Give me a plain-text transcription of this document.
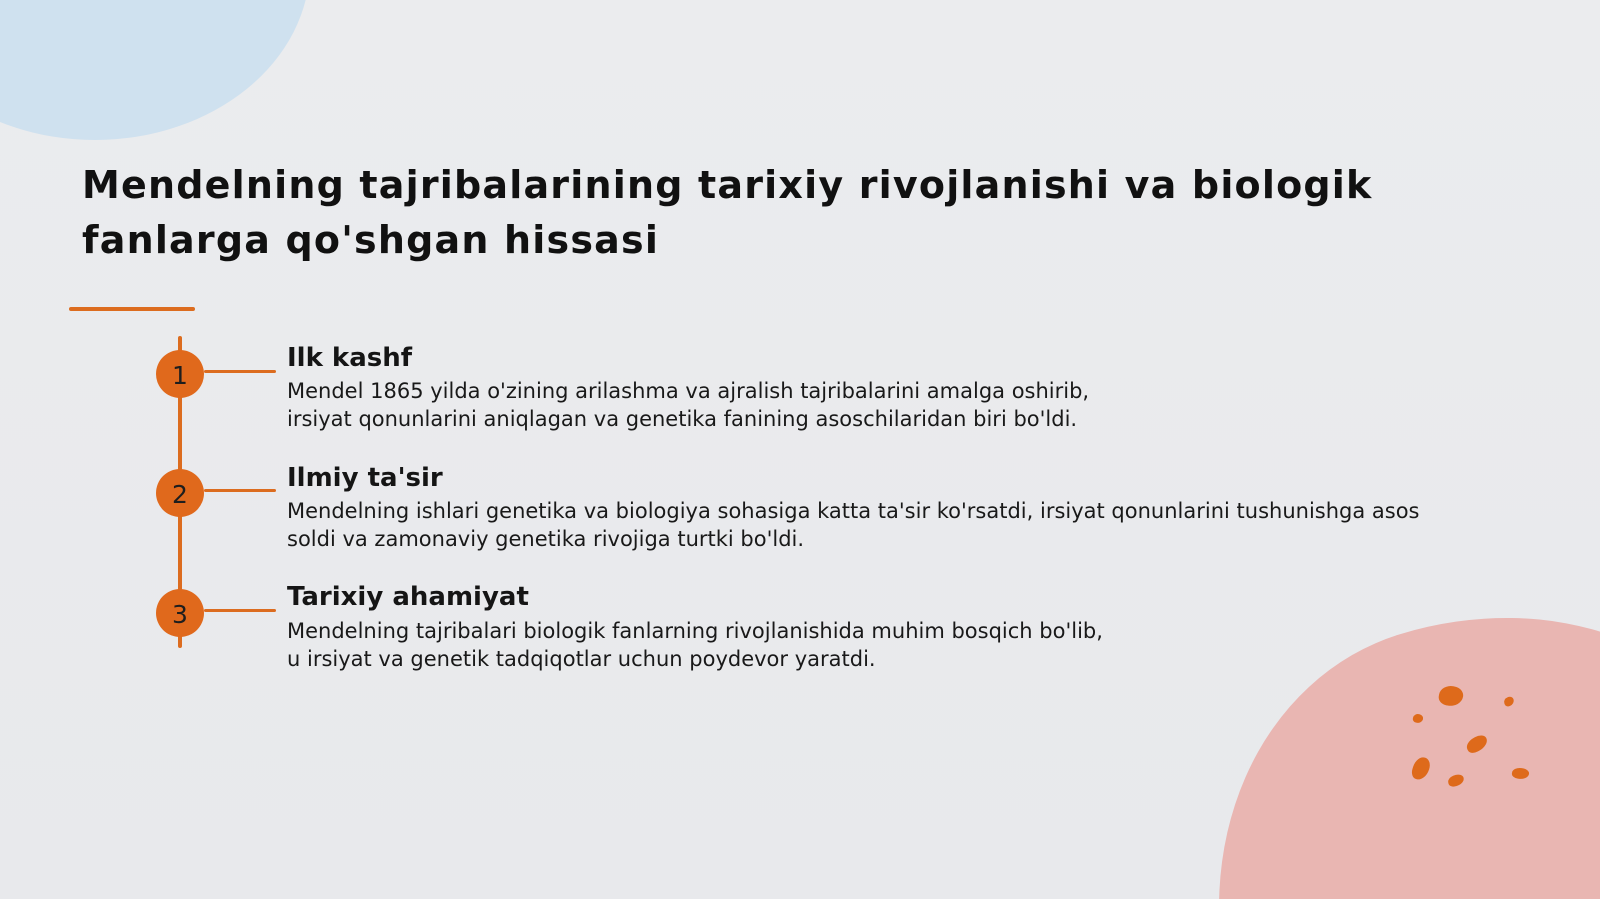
Mendelning tajribalarining tarixiy rivojlanishi va biologik fanlarga qo'shgan hissasi
1
Ilk kashf

Mendel 1865 yilda o'zining arilashma va ajralish tajribalarini amalga oshirib, irsiyat qonunlarini aniqlagan va genetika fanining asoschilaridan biri bo'ldi.

2
Ilmiy ta'sir

Mendelning ishlari genetika va biologiya sohasiga katta ta'sir ko'rsatdi, irsiyat qonunlarini tushunishga asos soldi va zamonaviy genetika rivojiga turtki bo'ldi.

3
Tarixiy ahamiyat

Mendelning tajribalari biologik fanlarning rivojlanishida muhim bosqich bo'lib, u irsiyat va genetik tadqiqotlar uchun poydevor yaratdi.
